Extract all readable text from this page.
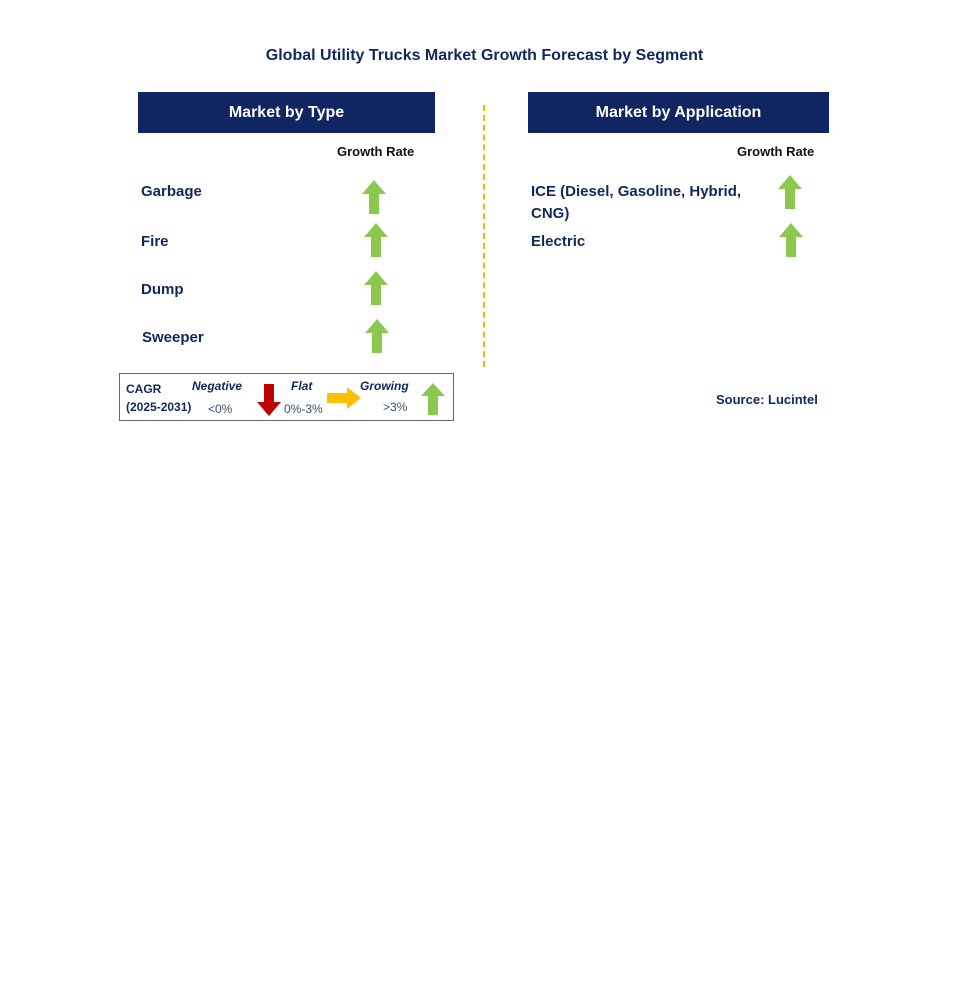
Global Utility Trucks Market Growth Forecast by Segment
Market by Type
Growth Rate
Garbage
Fire
Dump
Sweeper
Market by Application
Growth Rate
ICE (Diesel, Gasoline, Hybrid, CNG)
Electric
CAGR
(2025-2031)
Negative
<0%
Flat
0%-3%
Growing
>3%	Source: Lucintel
